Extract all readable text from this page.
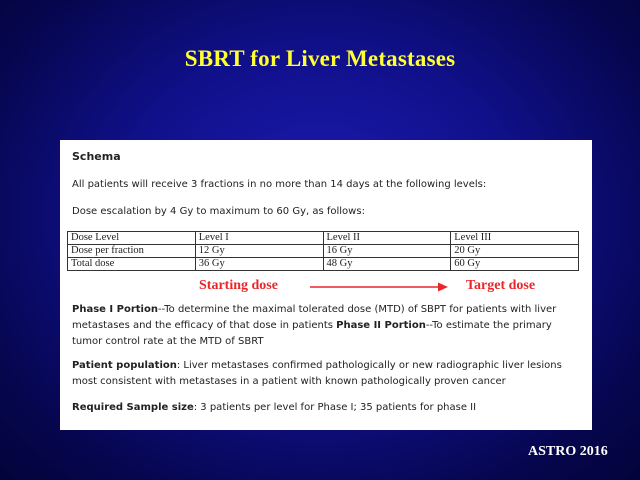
SBRT for Liver Metastases
Schema
All patients will receive 3 fractions in no more than 14 days at the following levels:
Dose escalation by 4 Gy to maximum to 60 Gy, as follows:
Dose Level	Level I	Level II	Level III
Dose per fraction	12 Gy	16 Gy	20 Gy
Total dose	36 Gy	48 Gy	60 Gy
Starting dose	Target dose
Phase I Portion--To determine the maximal tolerated dose (MTD) of SBPT for patients with liver metastases and the efficacy of that dose in patients Phase II Portion--To estimate the primary tumor control rate at the MTD of SBRT
Patient population: Liver metastases confirmed pathologically or new radiographic liver lesions most consistent with metastases in a patient with known pathologically proven cancer
Required Sample size: 3 patients per level for Phase I; 35 patients for phase II
ASTRO 2016
